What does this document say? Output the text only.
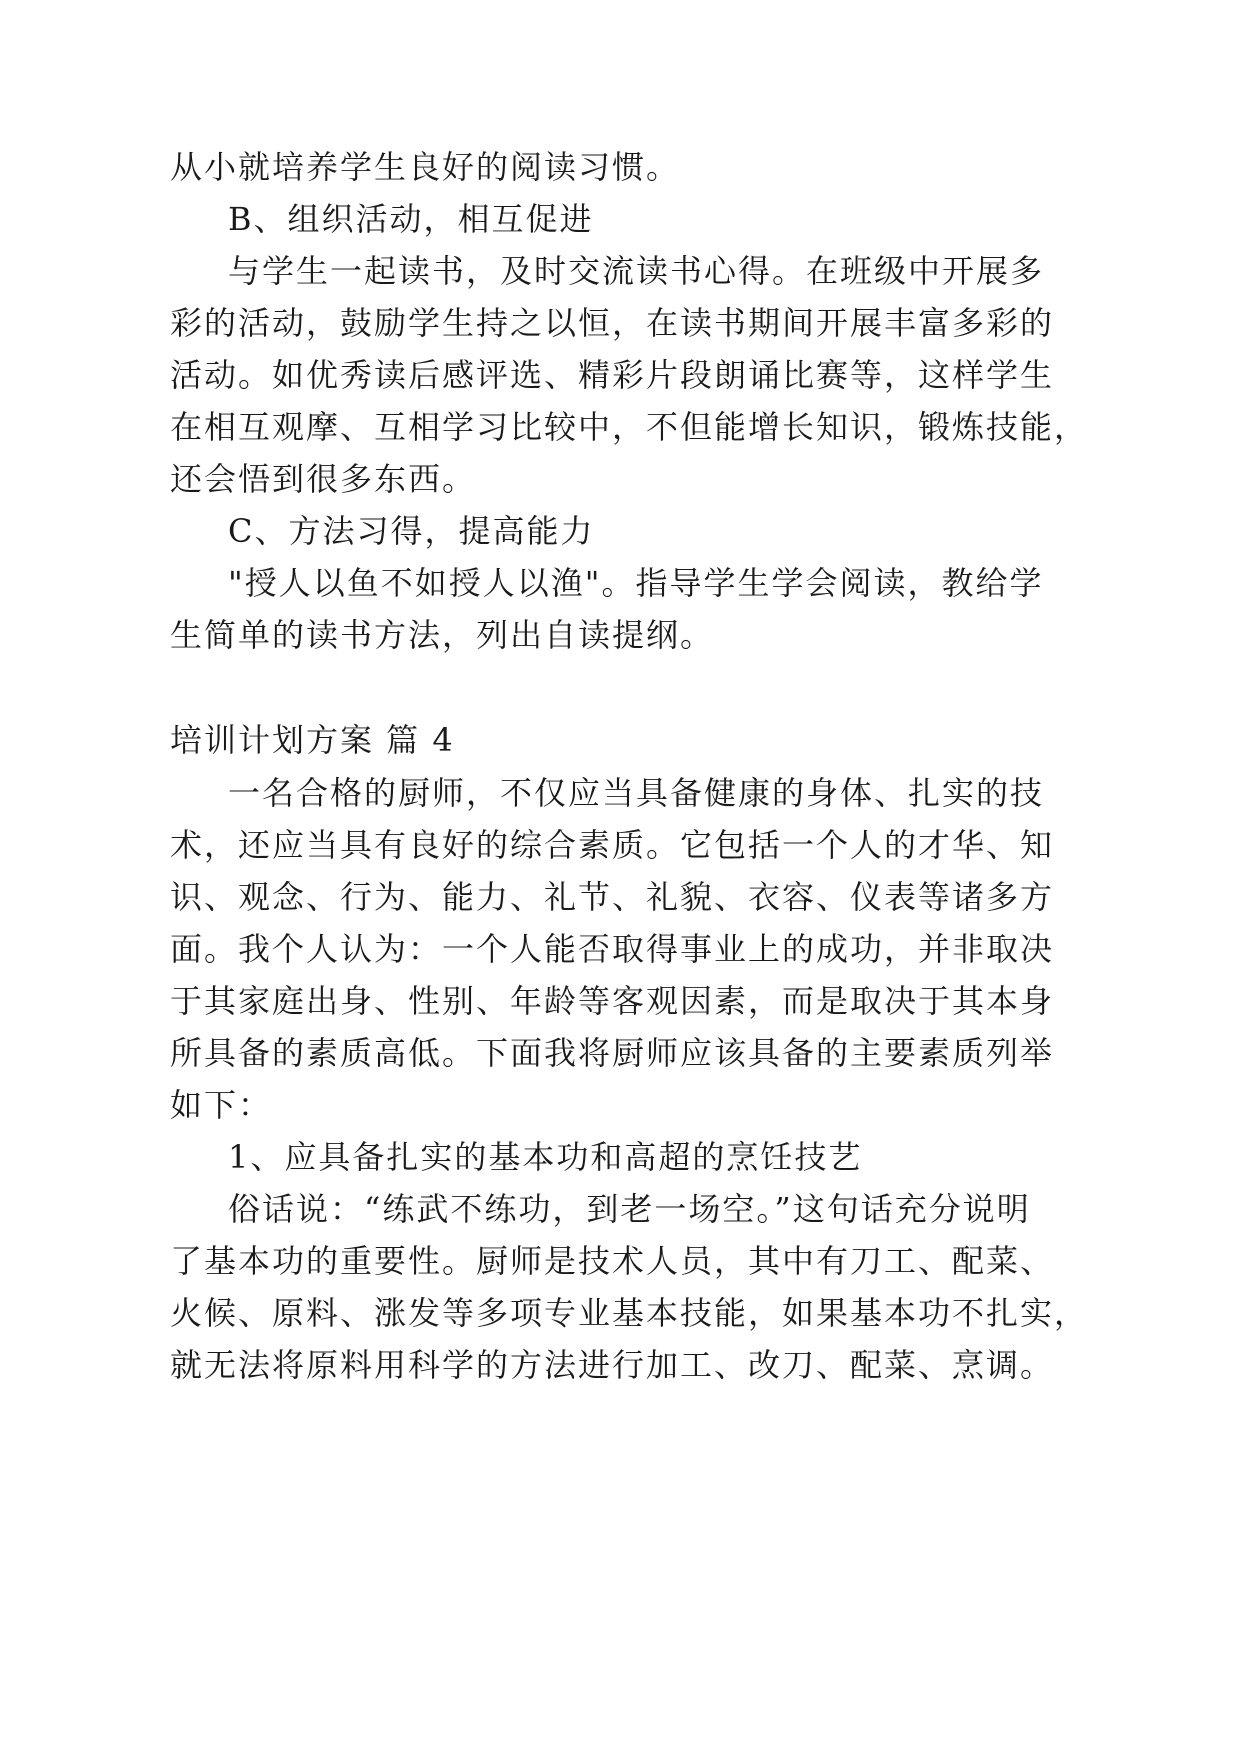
从小就培养学生良好的阅读习惯。
B、组织活动，相互促进
与学生一起读书，及时交流读书心得。在班级中开展多
彩的活动，鼓励学生持之以恒，在读书期间开展丰富多彩的
活动。如优秀读后感评选、精彩片段朗诵比赛等，这样学生
在相互观摩、互相学习比较中，不但能增长知识，锻炼技能，
还会悟到很多东西。
C、方法习得，提高能力
"授人以鱼不如授人以渔"。指导学生学会阅读，教给学
生简单的读书方法，列出自读提纲。
培训计划方案 篇 4
一名合格的厨师，不仅应当具备健康的身体、扎实的技
术，还应当具有良好的综合素质。它包括一个人的才华、知
识、观念、行为、能力、礼节、礼貌、衣容、仪表等诸多方
面。我个人认为：一个人能否取得事业上的成功，并非取决
于其家庭出身、性别、年龄等客观因素，而是取决于其本身
所具备的素质高低。下面我将厨师应该具备的主要素质列举
如下：
1、应具备扎实的基本功和高超的烹饪技艺
俗话说：“练武不练功，到老一场空。”这句话充分说明
了基本功的重要性。厨师是技术人员，其中有刀工、配菜、
火候、原料、涨发等多项专业基本技能，如果基本功不扎实，
就无法将原料用科学的方法进行加工、改刀、配菜、烹调。
